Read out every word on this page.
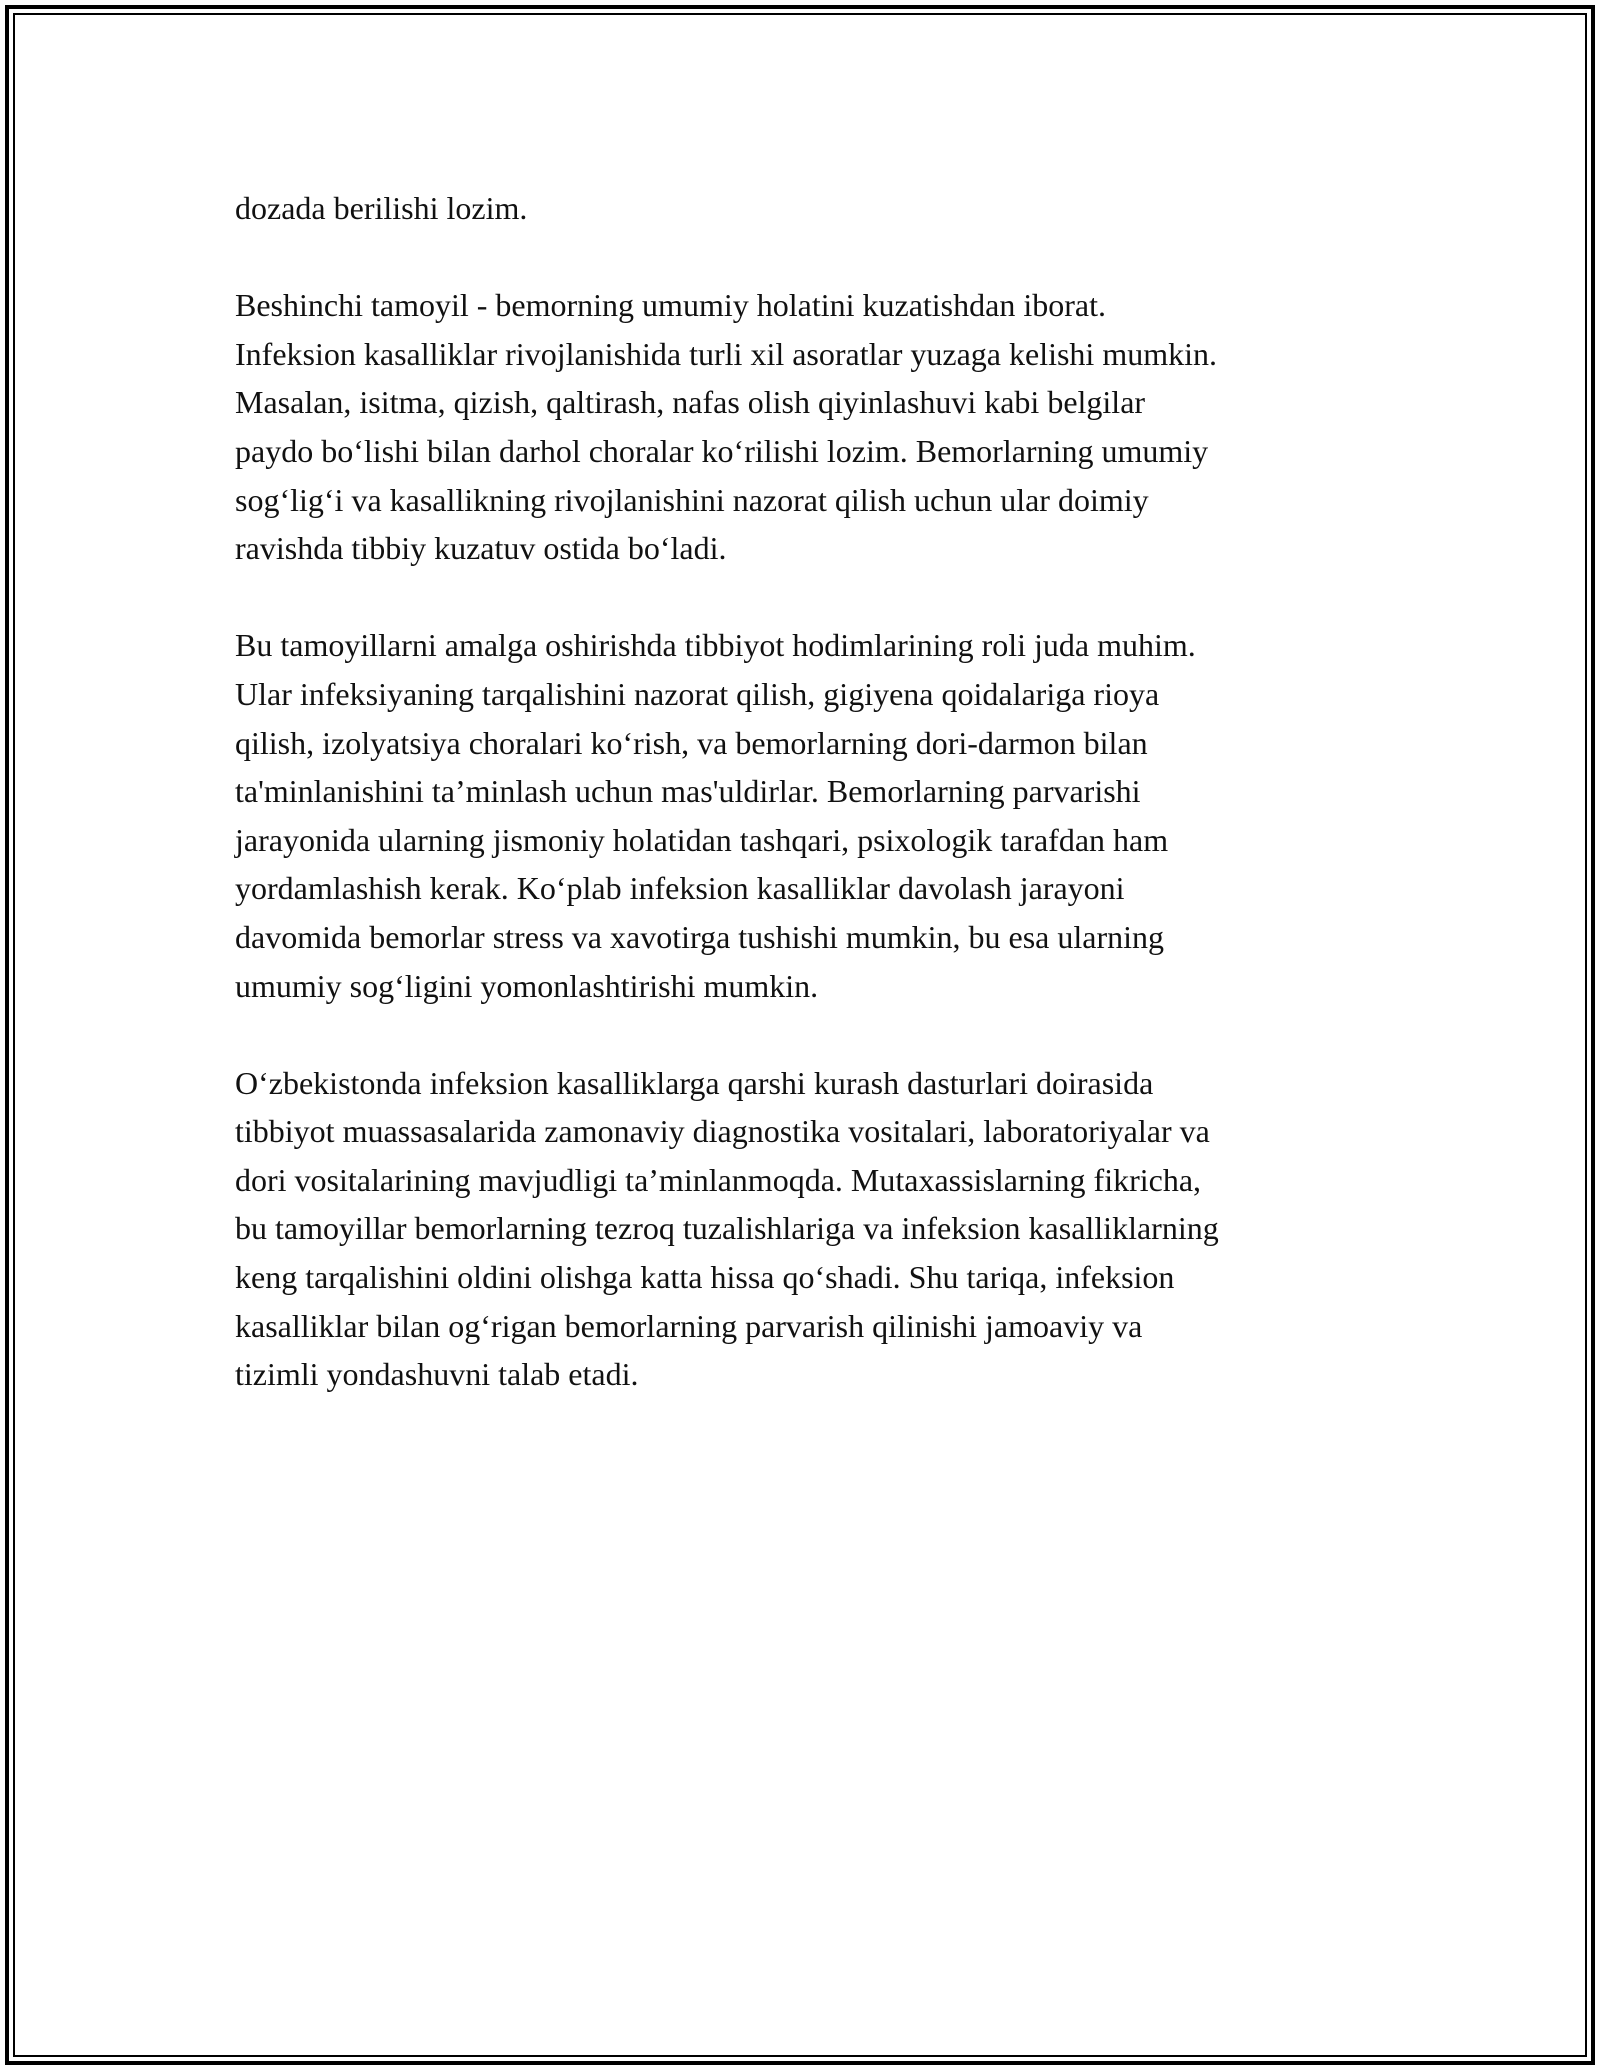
dozada berilishi lozim.
Beshinchi tamoyil - bemorning umumiy holatini kuzatishdan iborat.
Infeksion kasalliklar rivojlanishida turli xil asoratlar yuzaga kelishi mumkin.
Masalan, isitma, qizish, qaltirash, nafas olish qiyinlashuvi kabi belgilar
paydo bo‘lishi bilan darhol choralar ko‘rilishi lozim. Bemorlarning umumiy
sog‘lig‘i va kasallikning rivojlanishini nazorat qilish uchun ular doimiy
ravishda tibbiy kuzatuv ostida bo‘ladi.
Bu tamoyillarni amalga oshirishda tibbiyot hodimlarining roli juda muhim.
Ular infeksiyaning tarqalishini nazorat qilish, gigiyena qoidalariga rioya
qilish, izolyatsiya choralari ko‘rish, va bemorlarning dori-darmon bilan
ta'minlanishini ta’minlash uchun mas'uldirlar. Bemorlarning parvarishi
jarayonida ularning jismoniy holatidan tashqari, psixologik tarafdan ham
yordamlashish kerak. Ko‘plab infeksion kasalliklar davolash jarayoni
davomida bemorlar stress va xavotirga tushishi mumkin, bu esa ularning
umumiy sog‘ligini yomonlashtirishi mumkin.
O‘zbekistonda infeksion kasalliklarga qarshi kurash dasturlari doirasida
tibbiyot muassasalarida zamonaviy diagnostika vositalari, laboratoriyalar va
dori vositalarining mavjudligi ta’minlanmoqda. Mutaxassislarning fikricha,
bu tamoyillar bemorlarning tezroq tuzalishlariga va infeksion kasalliklarning
keng tarqalishini oldini olishga katta hissa qo‘shadi. Shu tariqa, infeksion
kasalliklar bilan og‘rigan bemorlarning parvarish qilinishi jamoaviy va
tizimli yondashuvni talab etadi.
